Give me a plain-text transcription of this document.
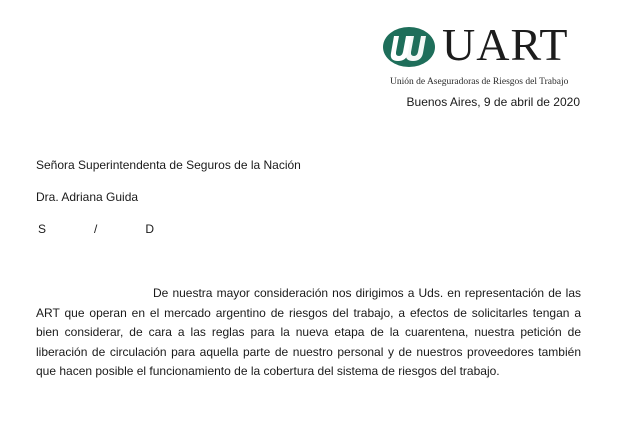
UART
Unión de Aseguradoras de Riesgos del Trabajo
Buenos Aires, 9 de abril de 2020
Señora Superintendenta de Seguros de la Nación
Dra. Adriana Guida
S	/	D

De nuestra mayor consideración nos dirigimos a Uds. en representación de las ART que operan en el mercado argentino de riesgos del trabajo, a efectos de solicitarles tengan a bien considerar, de cara a las reglas para la nueva etapa de la cuarentena, nuestra petición de liberación de circulación para aquella parte de nuestro personal y de nuestros proveedores también que hacen posible el funcionamiento de la cobertura del sistema de riesgos del trabajo.
